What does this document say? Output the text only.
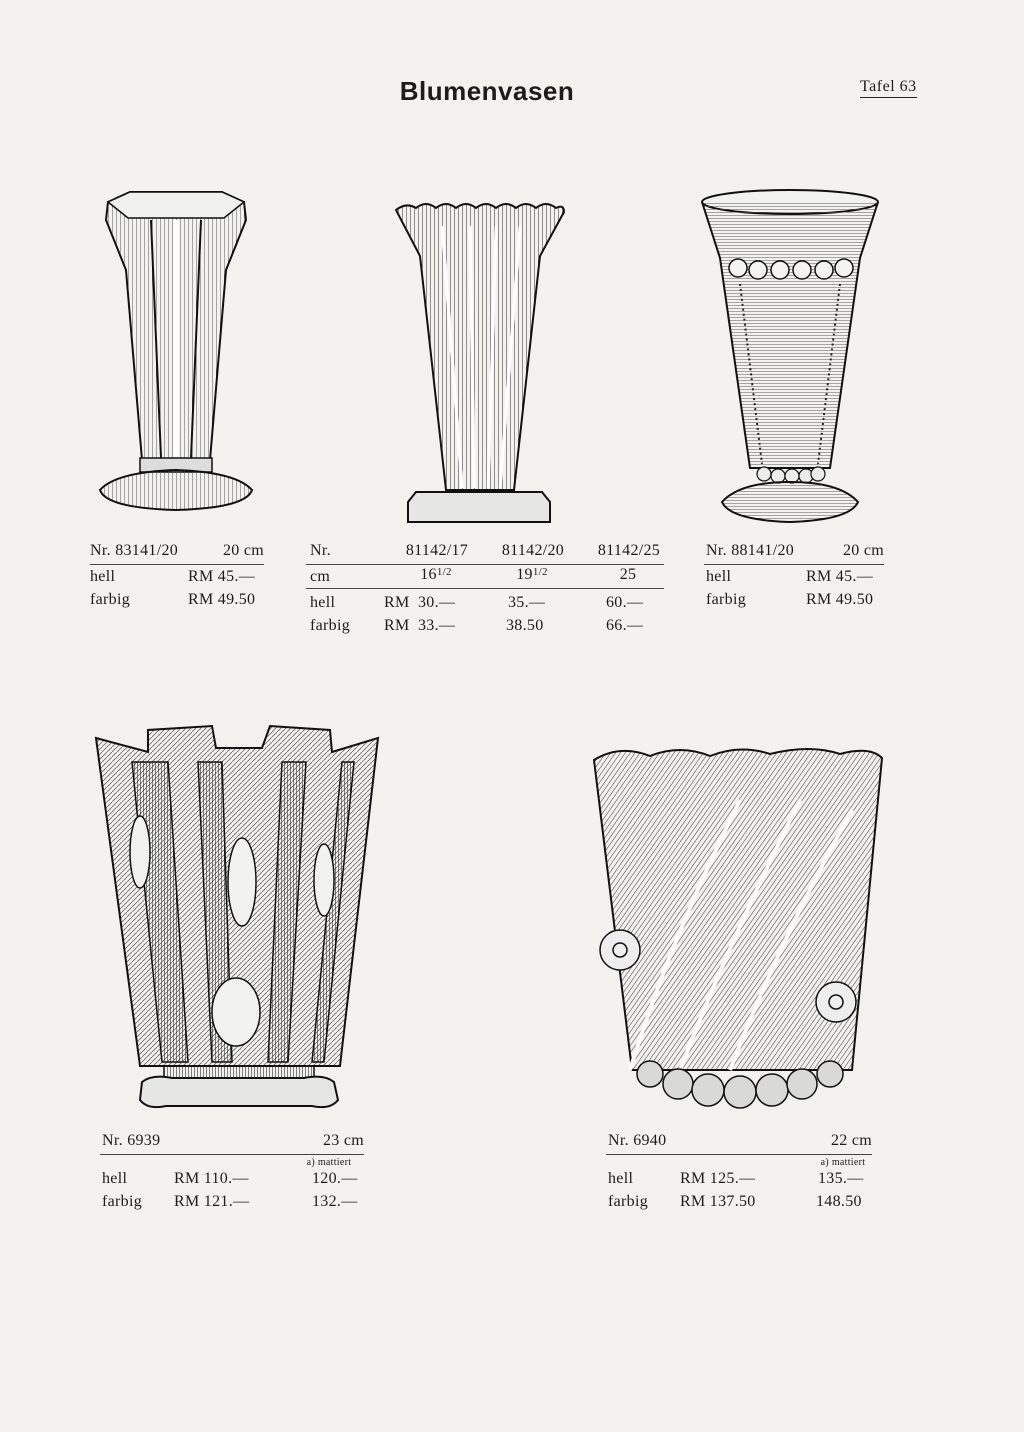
Blumenvasen	Tafel 63
Nr. 83141/20	20 cm
hell	RM 45.—
farbig	RM 49.50
Nr.	81142/17	81142/20	81142/25
cm	$16^{1/2}$	$19^{1/2}$	25
hell	RM 30.—	35.—	60.—
farbig RM 33.—	38.50	66.—
Nr. 88141/20	20 cm
hell	RM 45.—
farbig	RM 49.50
Nr. 6939	23 cm
a) mattiert
hell	RM 110.—	120.—
farbig RM 121.—	132.—
Nr. 6940	22 cm
a) mattiert
hell	RM 125.—	135.—
farbig RM 137.50	148.50
